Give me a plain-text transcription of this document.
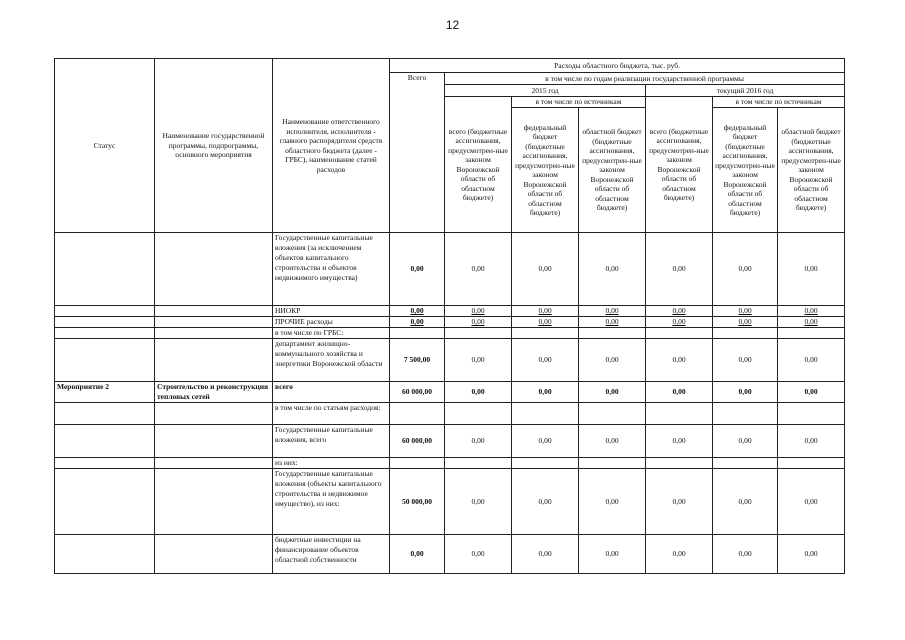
12
Статус	Наименование государственной программы, подпрограммы, основного мероприятия	Наименование ответственного исполнителя, исполнителя - главного распорядителя средств областного бюджета (далее - ГРБС), наименование статей расходов	Расходы областного бюджета, тыс. руб.						
			Всего	в том числе по годам реализации государственной программы					
				2015 год			текущий 2016 год		
				всего (бюджетные ассигнования, предусмотрен-ные законом Воронежской области об областном бюджете)	в том числе по источникам		всего (бюджетные ассигнования, предусмотрен-ные законом Воронежской области об областном бюджете)	в том числе по источникам	
					федеральный бюджет (бюджетные ассигнования, предусмотрен-ные законом Воронежской области об областном бюджете)	областной бюджет (бюджетные ассигнования, предусмотрен-ные законом Воронежской области об областном бюджете)		федеральный бюджет (бюджетные ассигнования, предусмотрен-ные законом Воронежской области об областном бюджете)	областной бюджет (бюджетные ассигнования, предусмотрен-ные законом Воронежской области об областном бюджете)
		Государственные капитальные вложения (за исключением объектов капитального строительства и объектов недвижимого имущества)	0,00	0,00	0,00	0,00	0,00	0,00	0,00
		НИОКР	0,00	0,00	0,00	0,00	0,00	0,00	0,00
		ПРОЧИЕ расходы	0,00	0,00	0,00	0,00	0,00	0,00	0,00
		в том числе по ГРБС:							
		департамент жилищно-коммунального хозяйства и энергетики Воронежской области	7 500,00	0,00	0,00	0,00	0,00	0,00	0,00
Мероприятие 2	Строительство и реконструкция тепловых сетей	всего	60 000,00	0,00	0,00	0,00	0,00	0,00	0,00
		в том числе по статьям расходов:							
		Государственные капитальные вложения, всего	60 000,00	0,00	0,00	0,00	0,00	0,00	0,00
		из них:							
		Государственные капитальные вложения (объекты капитального строительства и недвижимое имущество), из них:	50 000,00	0,00	0,00	0,00	0,00	0,00	0,00
		бюджетные инвестиции на финансирование объектов областной собственности	0,00	0,00	0,00	0,00	0,00	0,00	0,00
